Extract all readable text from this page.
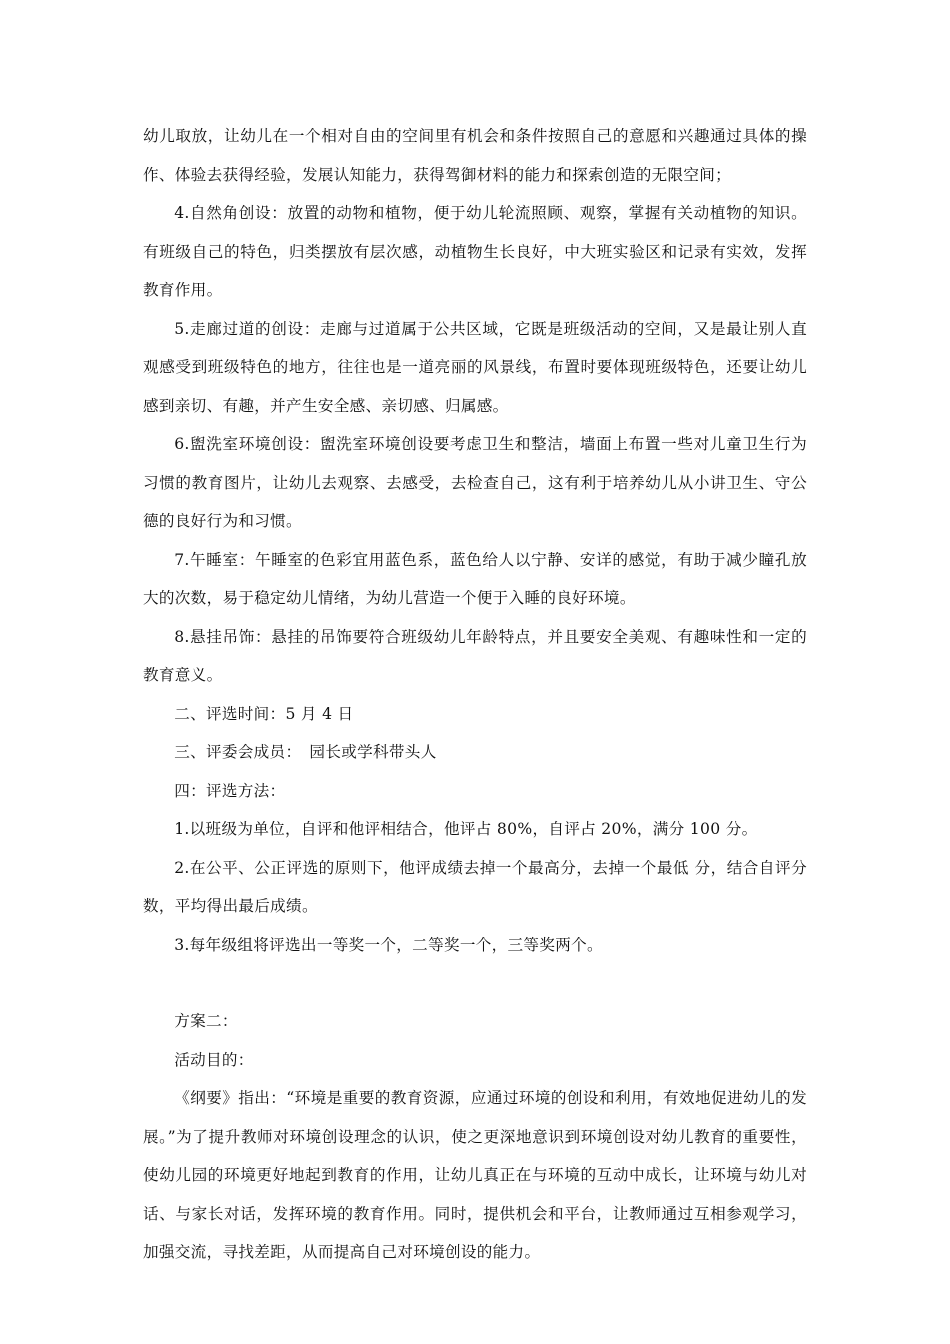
幼儿取放，让幼儿在一个相对自由的空间里有机会和条件按照自己的意愿和兴趣通过具体的操作、体验去获得经验，发展认知能力，获得驾御材料的能力和探索创造的无限空间；

4.自然角创设：放置的动物和植物，便于幼儿轮流照顾、观察，掌握有关动植物的知识。有班级自己的特色，归类摆放有层次感，动植物生长良好，中大班实验区和记录有实效，发挥教育作用。

5.走廊过道的创设：走廊与过道属于公共区域，它既是班级活动的空间，又是最让别人直观感受到班级特色的地方，往往也是一道亮丽的风景线，布置时要体现班级特色，还要让幼儿感到亲切、有趣，并产生安全感、亲切感、归属感。

6.盥洗室环境创设：盥洗室环境创设要考虑卫生和整洁，墙面上布置一些对儿童卫生行为习惯的教育图片，让幼儿去观察、去感受，去检查自己，这有利于培养幼儿从小讲卫生、守公德的良好行为和习惯。

7.午睡室：午睡室的色彩宜用蓝色系，蓝色给人以宁静、安详的感觉，有助于减少瞳孔放大的次数，易于稳定幼儿情绪，为幼儿营造一个便于入睡的良好环境。

8.悬挂吊饰：悬挂的吊饰要符合班级幼儿年龄特点，并且要安全美观、有趣味性和一定的教育意义。

二、评选时间：5 月 4 日

三、评委会成员：　园长或学科带头人

四：评选方法：

1.以班级为单位，自评和他评相结合，他评占 80%，自评占 20%，满分 100 分。

2.在公平、公正评选的原则下，他评成绩去掉一个最高分，去掉一个最低 分，结合自评分数，平均得出最后成绩。

3.每年级组将评选出一等奖一个，二等奖一个，三等奖两个。

方案二：

活动目的：

《纲要》指出：“环境是重要的教育资源，应通过环境的创设和利用，有效地促进幼儿的发展。”为了提升教师对环境创设理念的认识，使之更深地意识到环境创设对幼儿教育的重要性，使幼儿园的环境更好地起到教育的作用，让幼儿真正在与环境的互动中成长，让环境与幼儿对话、与家长对话，发挥环境的教育作用。同时，提供机会和平台，让教师通过互相参观学习，加强交流，寻找差距，从而提高自己对环境创设的能力。
